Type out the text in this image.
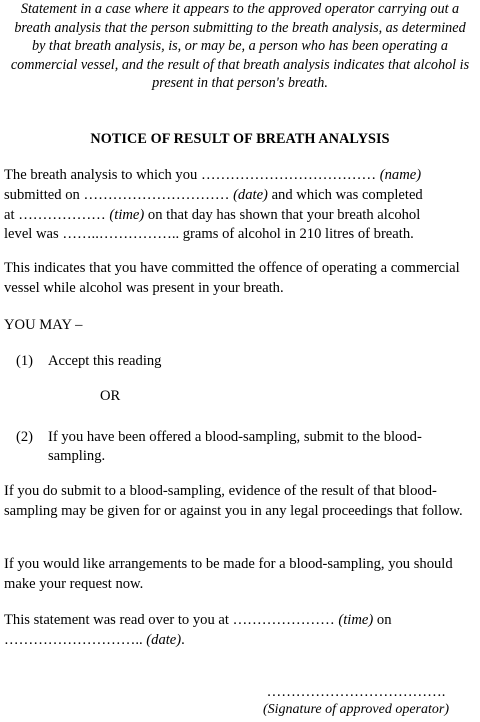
Statement in a case where it appears to the approved operator carrying out a breath analysis that the person submitting to the breath analysis, as determined by that breath analysis, is, or may be, a person who has been operating a commercial vessel, and the result of that breath analysis indicates that alcohol is present in that person's breath.
NOTICE OF RESULT OF BREATH ANALYSIS
The breath analysis to which you ……………………………… (name)
submitted on ………………………… (date) and which was completed
at ……………… (time) on that day has shown that your breath alcohol
level was ……..…………….. grams of alcohol in 210 litres of breath.
This indicates that you have committed the offence of operating a commercial vessel while alcohol was present in your breath.
YOU MAY –
(1) Accept this reading
OR
(2) If you have been offered a blood-sampling, submit to the blood-sampling.
If you do submit to a blood-sampling, evidence of the result of that blood-sampling may be given for or against you in any legal proceedings that follow.
If you would like arrangements to be made for a blood-sampling, you should make your request now.
This statement was read over to you at ………………… (time) on
……………………….. (date).
……………………………….
(Signature of approved operator)
